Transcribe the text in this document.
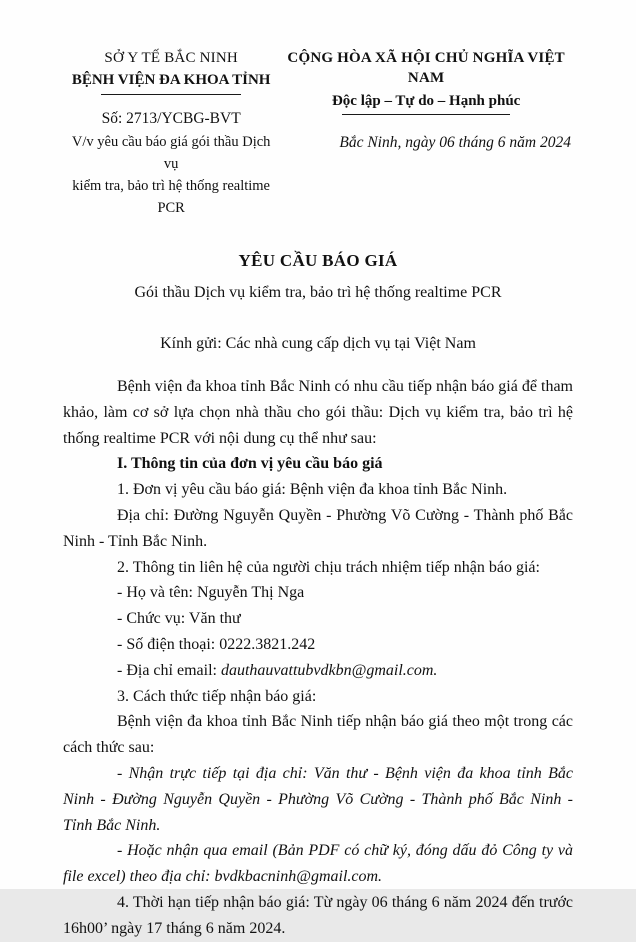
SỞ Y TẾ BẮC NINH
BỆNH VIỆN ĐA KHOA TỈNH
Số: 2713/YCBG-BVT
V/v yêu cầu báo giá gói thầu Dịch vụ
kiểm tra, bảo trì hệ thống realtime PCR
CỘNG HÒA XÃ HỘI CHỦ NGHĨA VIỆT NAM
Độc lập – Tự do – Hạnh phúc
Bắc Ninh, ngày 06 tháng 6 năm 2024
YÊU CẦU BÁO GIÁ
Gói thầu Dịch vụ kiểm tra, bảo trì hệ thống realtime PCR
Kính gửi: Các nhà cung cấp dịch vụ tại Việt Nam

Bệnh viện đa khoa tỉnh Bắc Ninh có nhu cầu tiếp nhận báo giá để tham khảo, làm cơ sở lựa chọn nhà thầu cho gói thầu: Dịch vụ kiểm tra, bảo trì hệ thống realtime PCR với nội dung cụ thể như sau:

I. Thông tin của đơn vị yêu cầu báo giá

1. Đơn vị yêu cầu báo giá: Bệnh viện đa khoa tỉnh Bắc Ninh.

Địa chỉ: Đường Nguyễn Quyền - Phường Võ Cường - Thành phố Bắc Ninh - Tỉnh Bắc Ninh.

2. Thông tin liên hệ của người chịu trách nhiệm tiếp nhận báo giá:

- Họ và tên: Nguyễn Thị Nga

- Chức vụ: Văn thư

- Số điện thoại: 0222.3821.242

- Địa chỉ email: dauthauvattubvdkbn@gmail.com.

3. Cách thức tiếp nhận báo giá:

Bệnh viện đa khoa tỉnh Bắc Ninh tiếp nhận báo giá theo một trong các cách thức sau:

- Nhận trực tiếp tại địa chỉ: Văn thư - Bệnh viện đa khoa tỉnh Bắc Ninh - Đường Nguyễn Quyền - Phường Võ Cường - Thành phố Bắc Ninh - Tỉnh Bắc Ninh.

- Hoặc nhận qua email (Bản PDF có chữ ký, đóng dấu đỏ Công ty và file excel) theo địa chỉ: bvdkbacninh@gmail.com.

4. Thời hạn tiếp nhận báo giá: Từ ngày 06 tháng 6 năm 2024 đến trước 16h00’ ngày 17 tháng 6 năm 2024.
